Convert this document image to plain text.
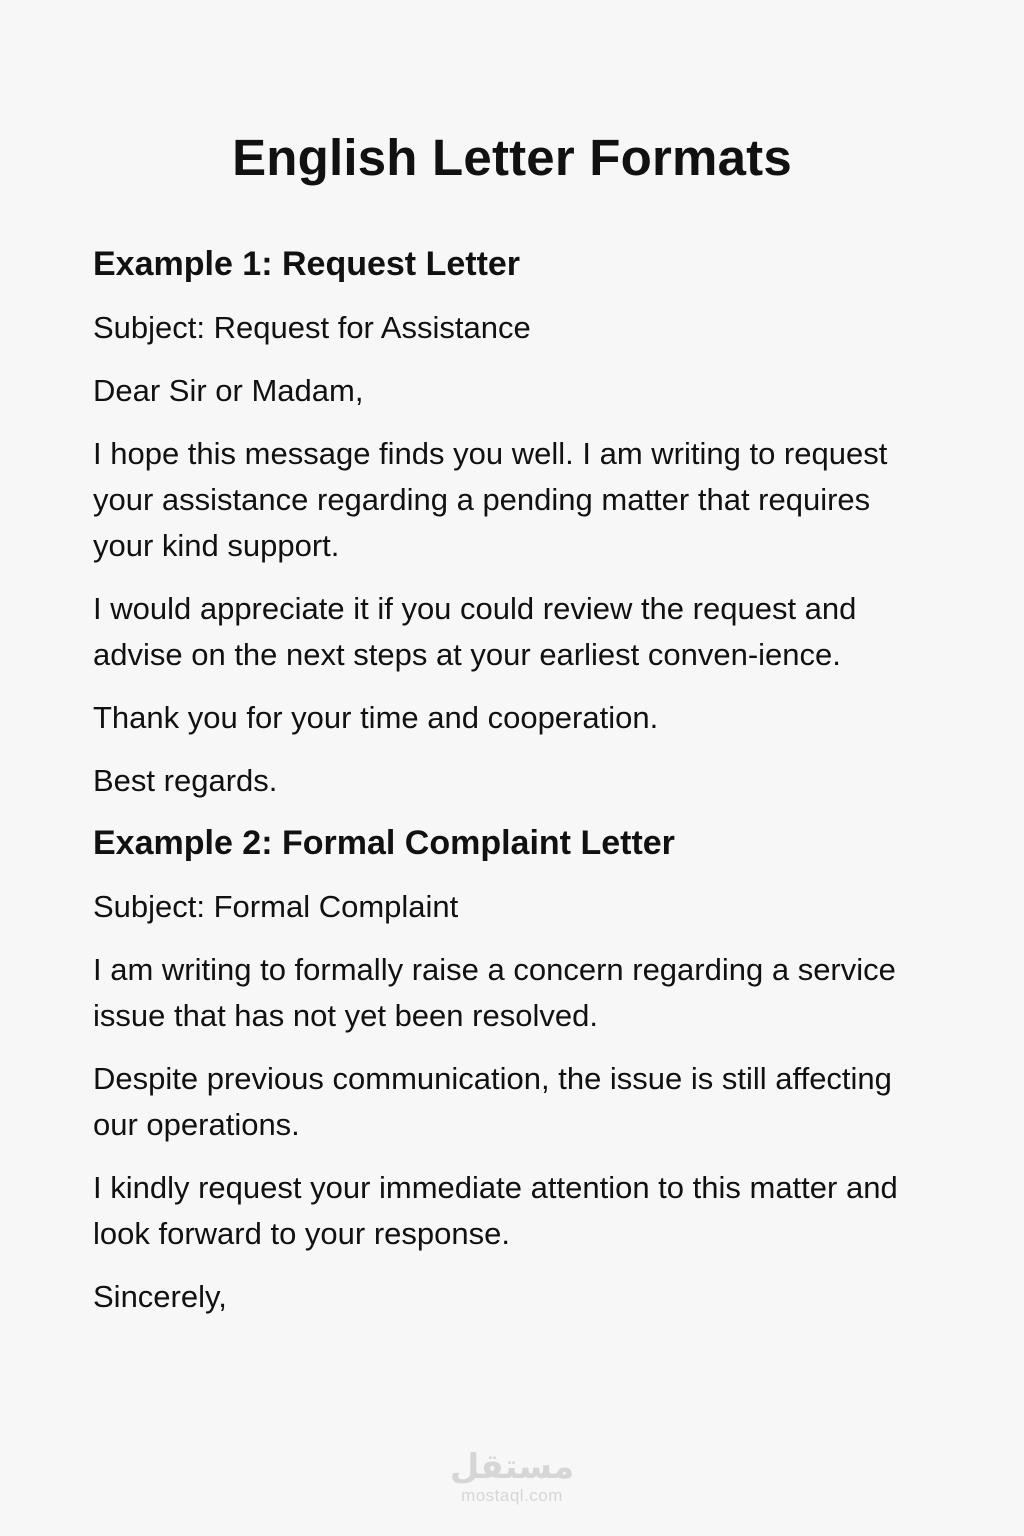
English Letter Formats
Example 1: Request Letter
Subject: Request for Assistance
Dear Sir or Madam,
I hope this message finds you well. I am writing to request your assistance regarding a pending matter that requires your kind support.
I would appreciate it if you could review the request and advise on the next steps at your earliest conven-ience.
Thank you for your time and cooperation.
Best regards.
Example 2: Formal Complaint Letter
Subject: Formal Complaint
I am writing to formally raise a concern regarding a service issue that has not yet been resolved.
Despite previous communication, the issue is still affecting our operations.
I kindly request your immediate attention to this matter and look forward to your response.
Sincerely,
مستقل
mostaql.com
